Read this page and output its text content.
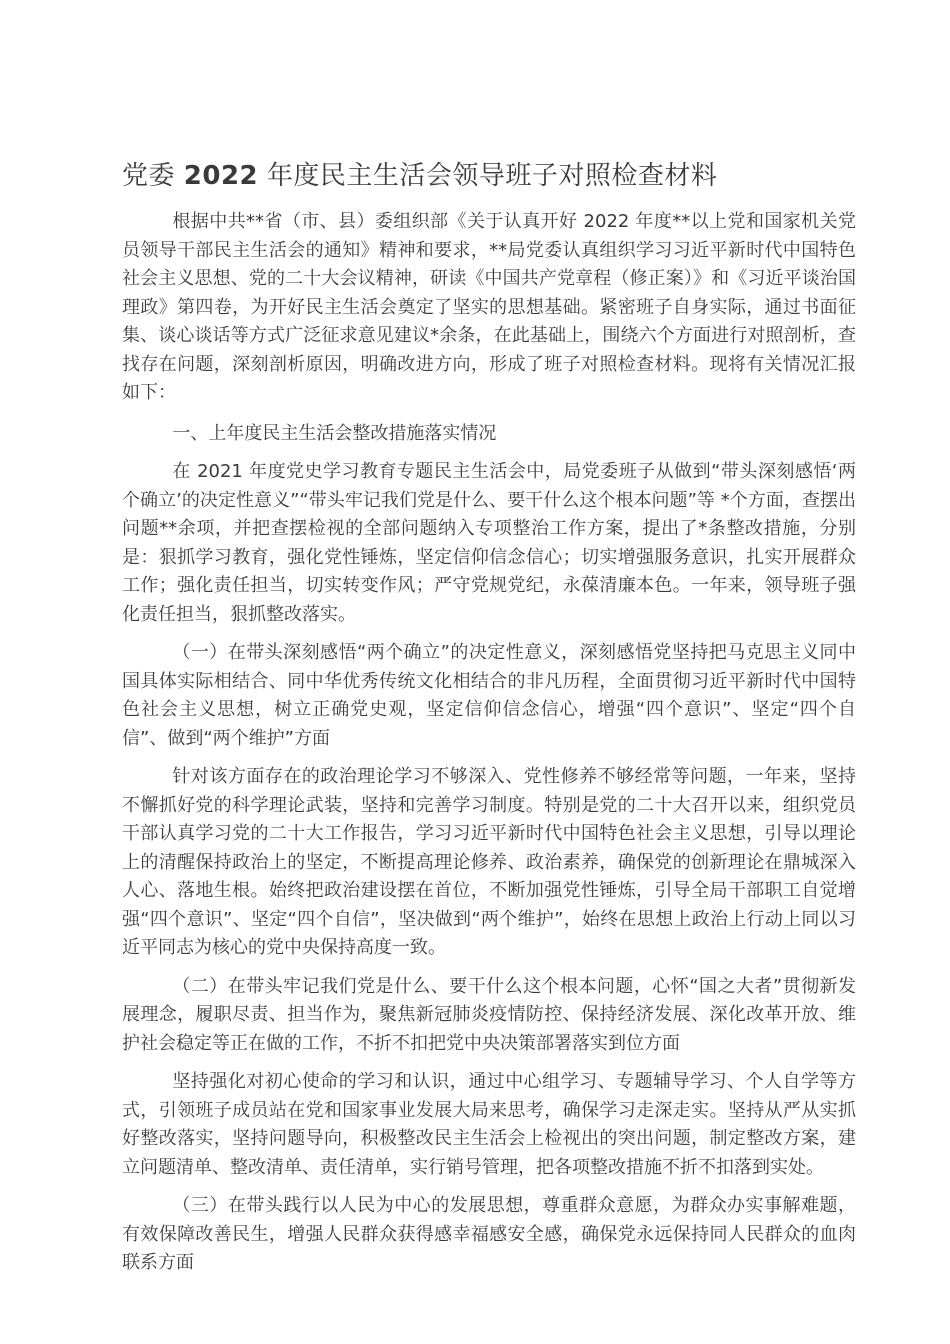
党委 2022 年度民主生活会领导班子对照检查材料

根据中共**省（市、县）委组织部《关于认真开好 2022 年度**以上党和国家机关党员领导干部民主生活会的通知》精神和要求，**局党委认真组织学习习近平新时代中国特色社会主义思想、党的二十大会议精神，研读《中国共产党章程（修正案）》和《习近平谈治国理政》第四卷，为开好民主生活会奠定了坚实的思想基础。紧密班子自身实际，通过书面征集、谈心谈话等方式广泛征求意见建议*余条，在此基础上，围绕六个方面进行对照剖析，查找存在问题，深刻剖析原因，明确改进方向，形成了班子对照检查材料。现将有关情况汇报如下：

一、上年度民主生活会整改措施落实情况

在 2021 年度党史学习教育专题民主生活会中，局党委班子从做到“带头深刻感悟‘两个确立’的决定性意义”“带头牢记我们党是什么、要干什么这个根本问题”等 *个方面，查摆出问题**余项，并把查摆检视的全部问题纳入专项整治工作方案，提出了*条整改措施，分别是：狠抓学习教育，强化党性锤炼，坚定信仰信念信心；切实增强服务意识，扎实开展群众工作；强化责任担当，切实转变作风；严守党规党纪，永葆清廉本色。一年来，领导班子强化责任担当，狠抓整改落实。

（一）在带头深刻感悟“两个确立”的决定性意义，深刻感悟党坚持把马克思主义同中国具体实际相结合、同中华优秀传统文化相结合的非凡历程，全面贯彻习近平新时代中国特色社会主义思想，树立正确党史观，坚定信仰信念信心，增强“四个意识”、坚定“四个自信”、做到“两个维护”方面

针对该方面存在的政治理论学习不够深入、党性修养不够经常等问题，一年来，坚持不懈抓好党的科学理论武装，坚持和完善学习制度。特别是党的二十大召开以来，组织党员干部认真学习党的二十大工作报告，学习习近平新时代中国特色社会主义思想，引导以理论上的清醒保持政治上的坚定，不断提高理论修养、政治素养，确保党的创新理论在鼎城深入人心、落地生根。始终把政治建设摆在首位，不断加强党性锤炼，引导全局干部职工自觉增强“四个意识”、坚定“四个自信”，坚决做到“两个维护”，始终在思想上政治上行动上同以习近平同志为核心的党中央保持高度一致。

（二）在带头牢记我们党是什么、要干什么这个根本问题，心怀“国之大者”贯彻新发展理念，履职尽责、担当作为，聚焦新冠肺炎疫情防控、保持经济发展、深化改革开放、维护社会稳定等正在做的工作，不折不扣把党中央决策部署落实到位方面

坚持强化对初心使命的学习和认识，通过中心组学习、专题辅导学习、个人自学等方式，引领班子成员站在党和国家事业发展大局来思考，确保学习走深走实。坚持从严从实抓好整改落实，坚持问题导向，积极整改民主生活会上检视出的突出问题，制定整改方案，建立问题清单、整改清单、责任清单，实行销号管理，把各项整改措施不折不扣落到实处。

（三）在带头践行以人民为中心的发展思想，尊重群众意愿，为群众办实事解难题，有效保障改善民生，增强人民群众获得感幸福感安全感，确保党永远保持同人民群众的血肉联系方面
